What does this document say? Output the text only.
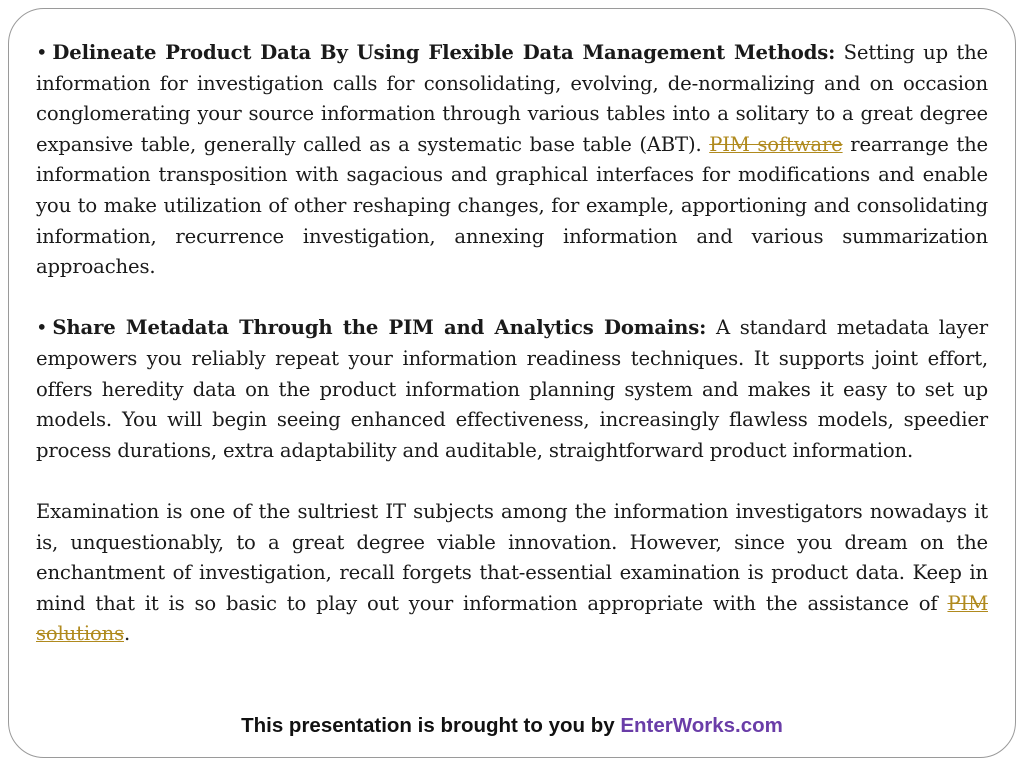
• Delineate Product Data By Using Flexible Data Management Methods: Setting up the information for investigation calls for consolidating, evolving, de-normalizing and on occasion conglomerating your source information through various tables into a solitary to a great degree expansive table, generally called as a systematic base table (ABT). PIM software rearrange the information transposition with sagacious and graphical interfaces for modifications and enable you to make utilization of other reshaping changes, for example, apportioning and consolidating information, recurrence investigation, annexing information and various summarization approaches.

• Share Metadata Through the PIM and Analytics Domains: A standard metadata layer empowers you reliably repeat your information readiness techniques. It supports joint effort, offers heredity data on the product information planning system and makes it easy to set up models. You will begin seeing enhanced effectiveness, increasingly flawless models, speedier process durations, extra adaptability and auditable, straightforward product information.

Examination is one of the sultriest IT subjects among the information investigators nowadays it is, unquestionably, to a great degree viable innovation. However, since you dream on the enchantment of investigation, recall forgets that-essential examination is product data. Keep in mind that it is so basic to play out your information appropriate with the assistance of PIM solutions.

This presentation is brought to you by EnterWorks.com
